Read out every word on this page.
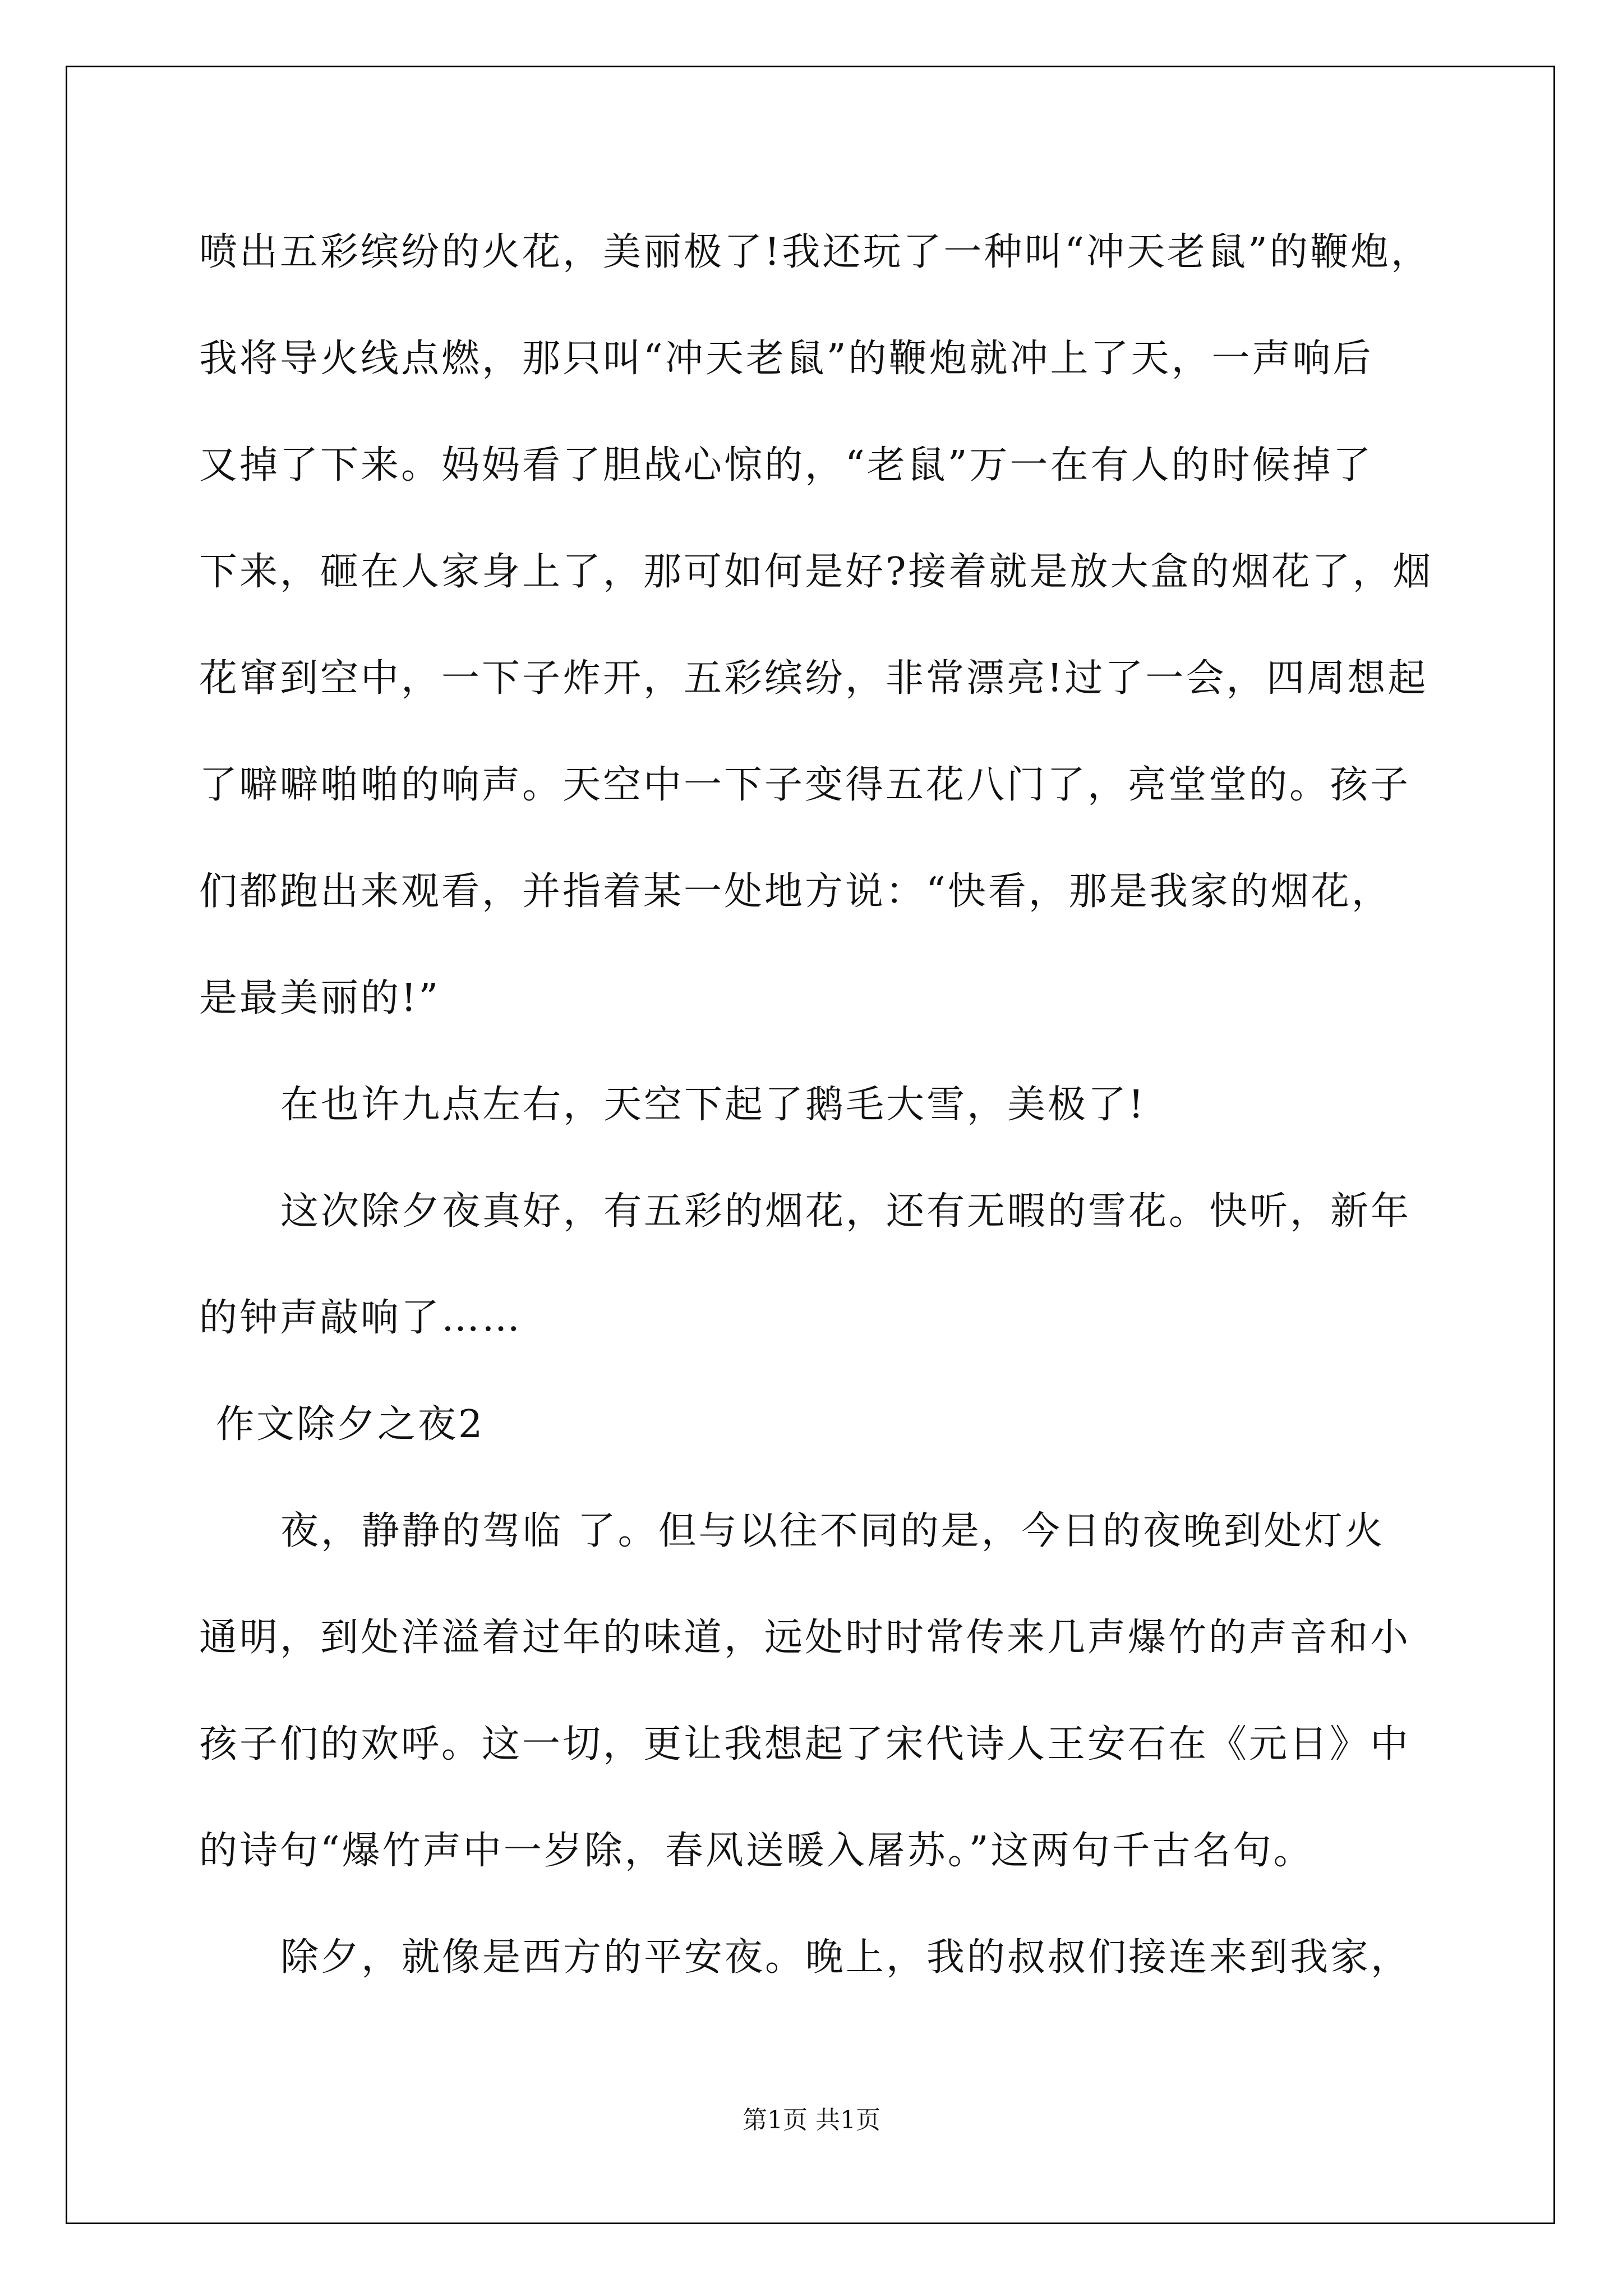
喷出五彩缤纷的火花，美丽极了!我还玩了一种叫“冲天老鼠”的鞭炮，
我将导火线点燃，那只叫“冲天老鼠”的鞭炮就冲上了天，一声响后
又掉了下来。妈妈看了胆战心惊的，“老鼠”万一在有人的时候掉了
下来，砸在人家身上了，那可如何是好?接着就是放大盒的烟花了，烟
花窜到空中，一下子炸开，五彩缤纷，非常漂亮!过了一会，四周想起
了噼噼啪啪的响声。天空中一下子变得五花八门了，亮堂堂的。孩子
们都跑出来观看，并指着某一处地方说：“快看，那是我家的烟花，
是最美丽的!”
在也许九点左右，天空下起了鹅毛大雪，美极了!
这次除夕夜真好，有五彩的烟花，还有无暇的雪花。快听，新年
的钟声敲响了……
作文除夕之夜2
夜，静静的驾临 了。但与以往不同的是，今日的夜晚到处灯火
通明，到处洋溢着过年的味道，远处时时常传来几声爆竹的声音和小
孩子们的欢呼。这一切，更让我想起了宋代诗人王安石在《元日》中
的诗句“爆竹声中一岁除，春风送暖入屠苏。”这两句千古名句。
除夕，就像是西方的平安夜。晚上，我的叔叔们接连来到我家，
第1页 共1页
